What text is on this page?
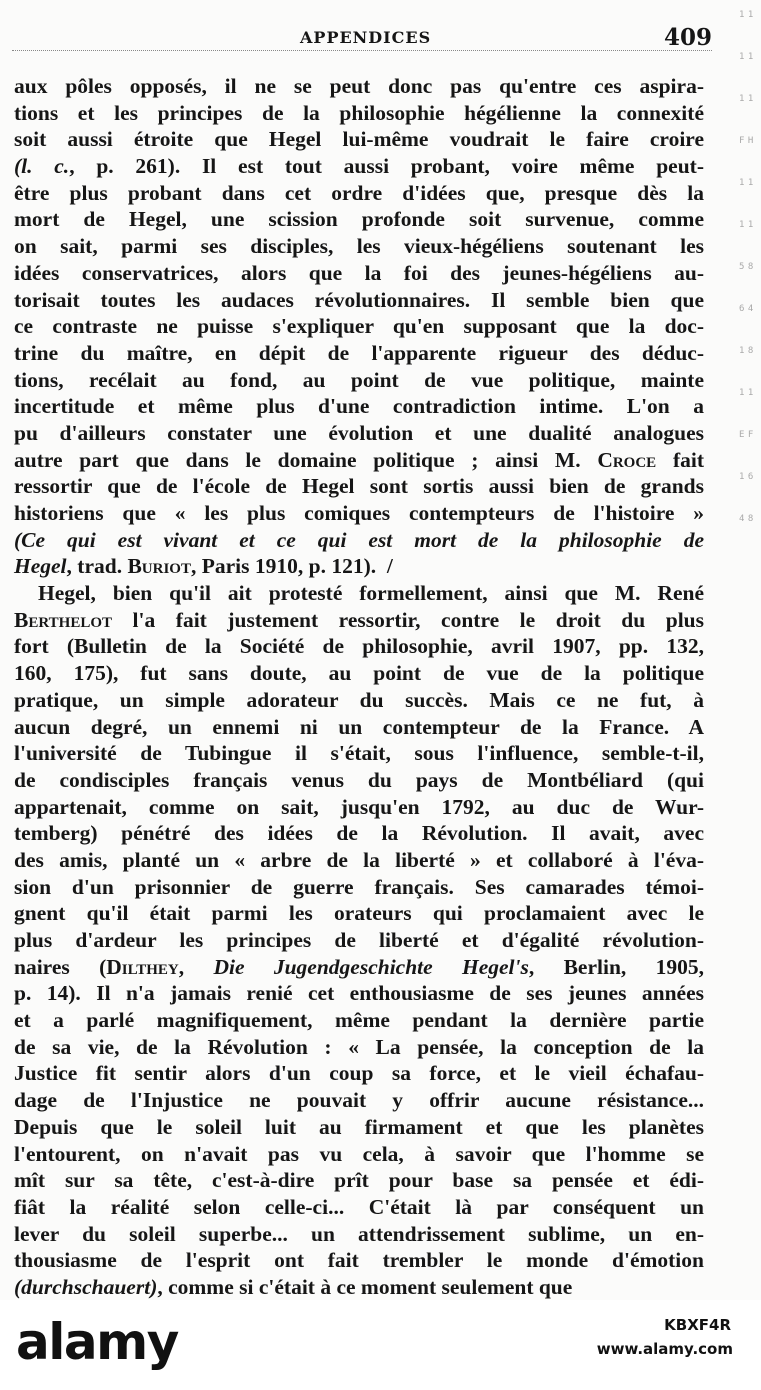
APPENDICES	409
1 1

1 1

1 1

F H

1 1

1 1

5 8

6 4

1 8

1 1

E F

1 6

4 8
aux pôles opposés, il ne se peut donc pas qu'entre ces aspira-
tions et les principes de la philosophie hégélienne la connexité
soit aussi étroite que Hegel lui-même voudrait le faire croire
(l. c., p. 261). Il est tout aussi probant, voire même peut-
être plus probant dans cet ordre d'idées que, presque dès la
mort de Hegel, une scission profonde soit survenue, comme
on sait, parmi ses disciples, les vieux-hégéliens soutenant les
idées conservatrices, alors que la foi des jeunes-hégéliens au-
torisait toutes les audaces révolutionnaires. Il semble bien que
ce contraste ne puisse s'expliquer qu'en supposant que la doc-
trine du maître, en dépit de l'apparente rigueur des déduc-
tions, recélait au fond, au point de vue politique, mainte
incertitude et même plus d'une contradiction intime. L'on a
pu d'ailleurs constater une évolution et une dualité analogues
autre part que dans le domaine politique ; ainsi M. Croce fait
ressortir que de l'école de Hegel sont sortis aussi bien de grands
historiens que « les plus comiques contempteurs de l'histoire »
(Ce qui est vivant et ce qui est mort de la philosophie de
Hegel, trad. Buriot, Paris 1910, p. 121). /
Hegel, bien qu'il ait protesté formellement, ainsi que M. René
Berthelot l'a fait justement ressortir, contre le droit du plus
fort (Bulletin de la Société de philosophie, avril 1907, pp. 132,
160, 175), fut sans doute, au point de vue de la politique
pratique, un simple adorateur du succès. Mais ce ne fut, à
aucun degré, un ennemi ni un contempteur de la France. A
l'université de Tubingue il s'était, sous l'influence, semble-t-il,
de condisciples français venus du pays de Montbéliard (qui
appartenait, comme on sait, jusqu'en 1792, au duc de Wur-
temberg) pénétré des idées de la Révolution. Il avait, avec
des amis, planté un « arbre de la liberté » et collaboré à l'éva-
sion d'un prisonnier de guerre français. Ses camarades témoi-
gnent qu'il était parmi les orateurs qui proclamaient avec le
plus d'ardeur les principes de liberté et d'égalité révolution-
naires (Dilthey, Die Jugendgeschichte Hegel's, Berlin, 1905,
p. 14). Il n'a jamais renié cet enthousiasme de ses jeunes années
et a parlé magnifiquement, même pendant la dernière partie
de sa vie, de la Révolution : « La pensée, la conception de la
Justice fit sentir alors d'un coup sa force, et le vieil échafau-
dage de l'Injustice ne pouvait y offrir aucune résistance...
Depuis que le soleil luit au firmament et que les planètes
l'entourent, on n'avait pas vu cela, à savoir que l'homme se
mît sur sa tête, c'est-à-dire prît pour base sa pensée et édi-
fiât la réalité selon celle-ci... C'était là par conséquent un
lever du soleil superbe... un attendrissement sublime, un en-
thousiasme de l'esprit ont fait trembler le monde d'émotion
(durchschauert), comme si c'était à ce moment seulement que
alamy	KBXF4R
www.alamy.com
